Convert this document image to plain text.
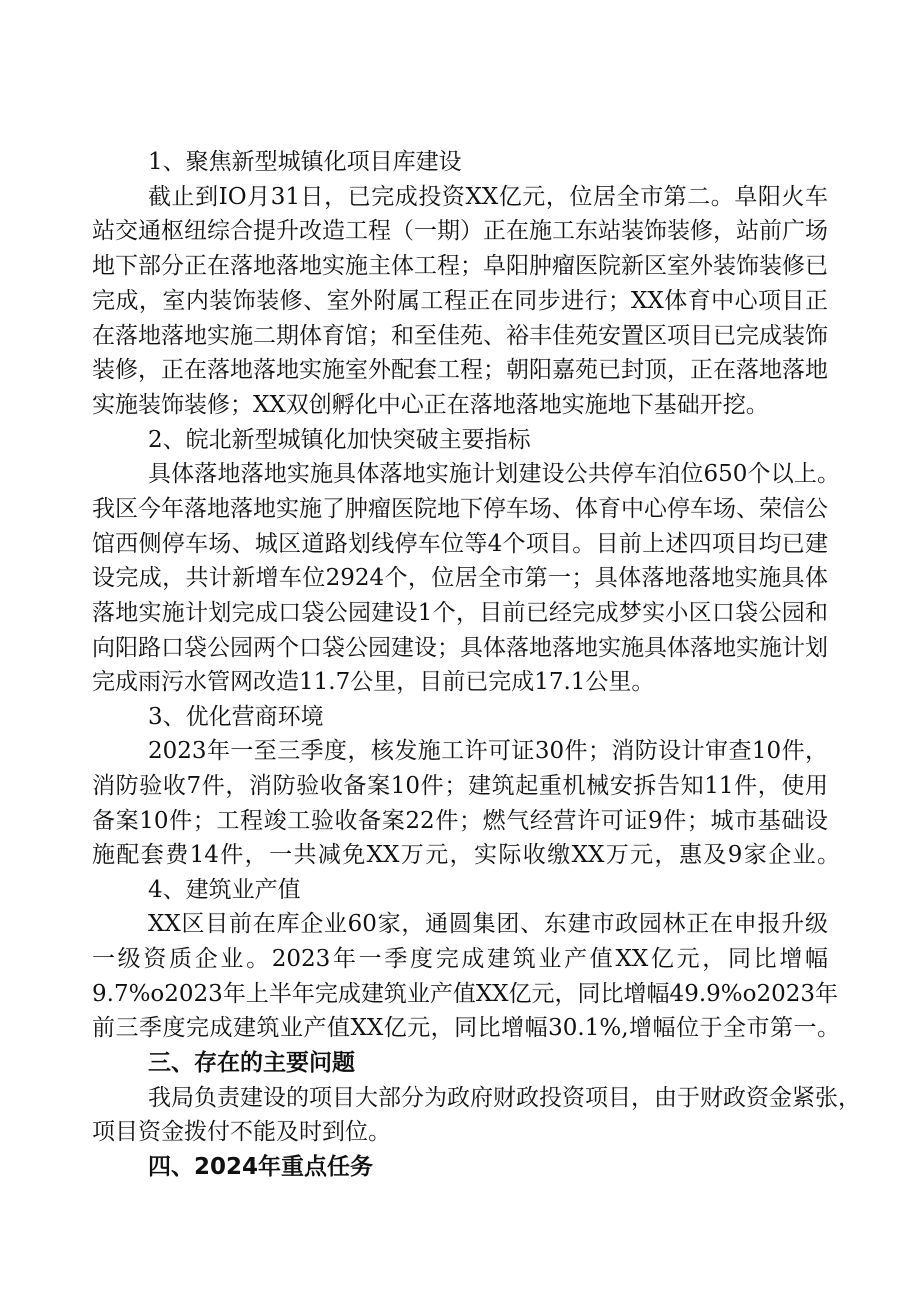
1、聚焦新型城镇化项目库建设
截止到IO月31日，已完成投资XX亿元，位居全市第二。阜阳火车
站交通枢纽综合提升改造工程（一期）正在施工东站装饰装修，站前广场
地下部分正在落地落地实施主体工程；阜阳肿瘤医院新区室外装饰装修已
完成，室内装饰装修、室外附属工程正在同步进行；XX体育中心项目正
在落地落地实施二期体育馆；和至佳苑、裕丰佳苑安置区项目已完成装饰
装修，正在落地落地实施室外配套工程；朝阳嘉苑已封顶，正在落地落地
实施装饰装修；XX双创孵化中心正在落地落地实施地下基础开挖。
2、皖北新型城镇化加快突破主要指标
具体落地落地实施具体落地实施计划建设公共停车泊位650个以上。
我区今年落地落地实施了肿瘤医院地下停车场、体育中心停车场、荣信公
馆西侧停车场、城区道路划线停车位等4个项目。目前上述四项目均已建
设完成，共计新增车位2924个，位居全市第一；具体落地落地实施具体
落地实施计划完成口袋公园建设1个，目前已经完成梦实小区口袋公园和
向阳路口袋公园两个口袋公园建设；具体落地落地实施具体落地实施计划
完成雨污水管网改造11.7公里，目前已完成17.1公里。
3、优化营商环境
2023年一至三季度，核发施工许可证30件；消防设计审查10件，
消防验收7件，消防验收备案10件；建筑起重机械安拆告知11件，使用
备案10件；工程竣工验收备案22件；燃气经营许可证9件；城市基础设
施配套费14件，一共减免XX万元，实际收缴XX万元，惠及9家企业。
4、建筑业产值
XX区目前在库企业60家，通圆集团、东建市政园林正在申报升级
一级资质企业。2023年一季度完成建筑业产值XX亿元，同比增幅
9.7%o2023年上半年完成建筑业产值XX亿元，同比增幅49.9%o2023年
前三季度完成建筑业产值XX亿元，同比增幅30.1%,增幅位于全市第一。
三、存在的主要问题
我局负责建设的项目大部分为政府财政投资项目，由于财政资金紧张，
项目资金拨付不能及时到位。
四、2024年重点任务
